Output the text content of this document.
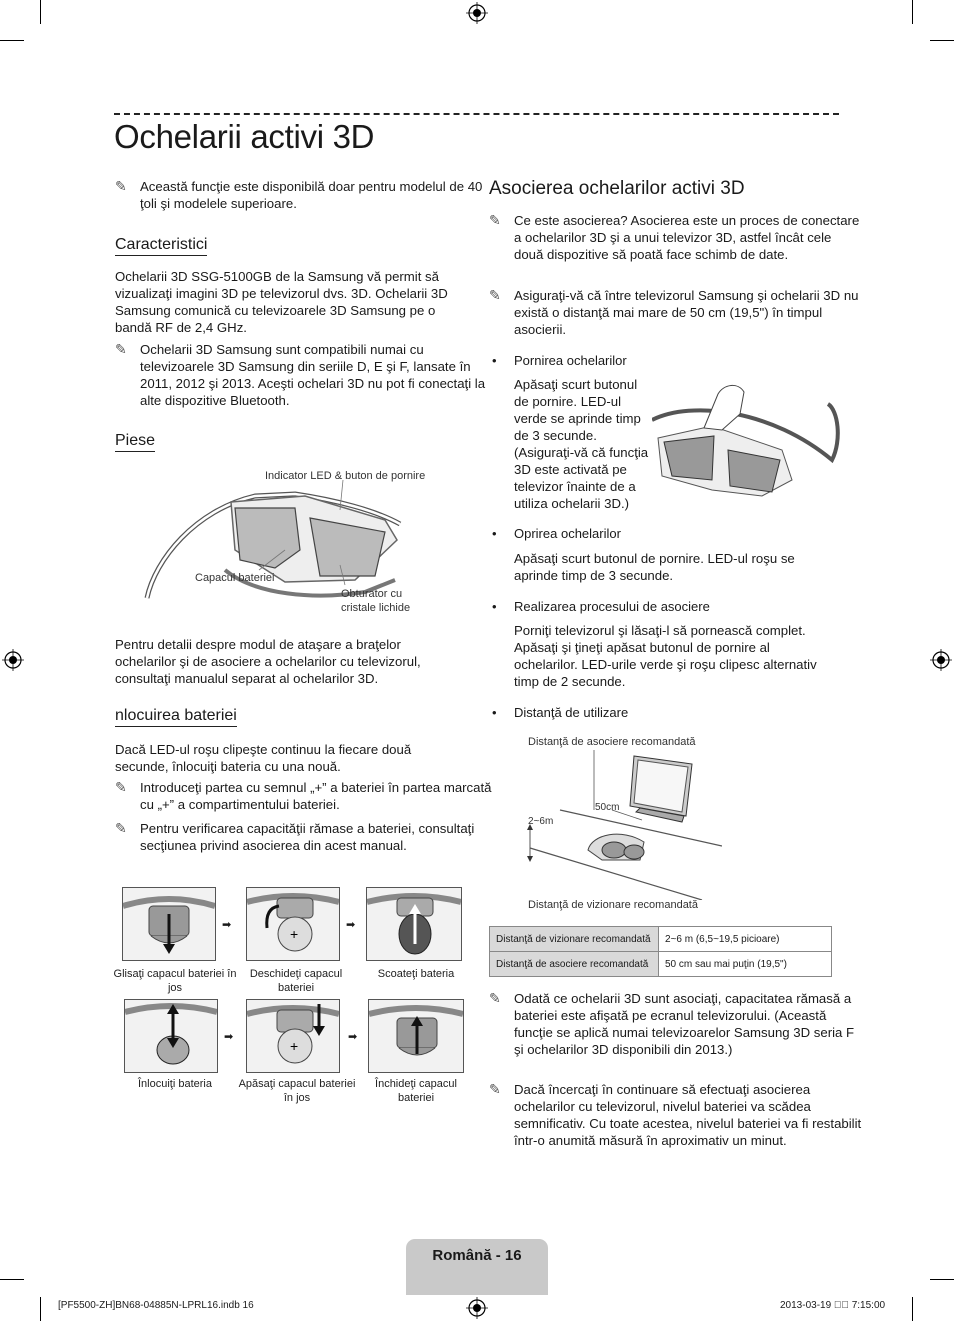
Ochelarii activi 3D
✎ Această funcţie este disponibilă doar pentru modelul de 40 ţoli şi modelele superioare.
Caracteristici
Ochelarii 3D SSG-5100GB de la Samsung vă permit să vizualizaţi imagini 3D pe televizorul dvs. 3D. Ochelarii 3D Samsung comunică cu televizoarele 3D Samsung pe o bandă RF de 2,4 GHz.
✎ Ochelarii 3D Samsung sunt compatibili numai cu televizoarele 3D Samsung din seriile D, E şi F, lansate în 2011, 2012 şi 2013. Aceşti ochelari 3D nu pot fi conectaţi la alte dispozitive Bluetooth.
Piese
Indicator LED & buton de pornire
Capacul bateriei
Obturator cu cristale lichide
Pentru detalii despre modul de ataşare a braţelor ochelarilor şi de asociere a ochelarilor cu televizorul, consultaţi manualul separat al ochelarilor 3D.
nlocuirea bateriei
Dacă LED-ul roşu clipeşte continuu la fiecare două secunde, înlocuiţi bateria cu una nouă.
✎ Introduceţi partea cu semnul „+” a bateriei în partea marcată cu „+” a compartimentului bateriei.
✎ Pentru verificarea capacităţii rămase a bateriei, consultaţi secţiunea privind asocierea din acest manual.
+
➡	➡
Glisaţi capacul bateriei în jos
Deschideţi capacul bateriei
Scoateţi bateria
+
➡	➡
Înlocuiţi bateria	Apăsaţi capacul bateriei în jos
Închideţi capacul bateriei
Asocierea ochelarilor activi 3D
✎ Ce este asocierea? Asocierea este un proces de conectare a ochelarilor 3D şi a unui televizor 3D, astfel încât cele două dispozitive să poată face schimb de date.
✎ Asiguraţi-vă că între televizorul Samsung şi ochelarii 3D nu există o distanţă mai mare de 50 cm (19,5") în timpul asocierii.
• Pornirea ochelarilor
Apăsaţi scurt butonul de pornire. LED-ul verde se aprinde timp de 3 secunde. (Asiguraţi-vă că funcţia 3D este activată pe televizor înainte de a utiliza ochelarii 3D.)
• Oprirea ochelarilor
Apăsaţi scurt butonul de pornire. LED-ul roşu se aprinde timp de 3 secunde.
• Realizarea procesului de asociere
Porniţi televizorul şi lăsaţi-l să pornească complet. Apăsaţi şi ţineţi apăsat butonul de pornire al ochelarilor. LED-urile verde şi roşu clipesc alternativ timp de 2 secunde.
• Distanţă de utilizare
Distanţă de asociere recomandată
50cm
2~6m
Distanţă de vizionare recomandată
Distanţă de vizionare recomandată	2~6 m (6,5~19,5 picioare)
Distanţă de asociere recomandată	50 cm sau mai puţin (19,5")
✎ Odată ce ochelarii 3D sunt asociaţi, capacitatea rămasă a bateriei este afişată pe ecranul televizorului. (Această funcţie se aplică numai televizoarelor Samsung 3D seria F şi ochelarilor 3D disponibili din 2013.)
✎ Dacă încercaţi în continuare să efectuaţi asocierea ochelarilor cu televizorul, nivelul bateriei va scădea semnificativ. Cu toate acestea, nivelul bateriei va fi restabilit într-o anumită măsură în aproximativ un minut.
Română - 16
[PF5500-ZH]BN68-04885N-LPRL16.indb 16	2013-03-19 ￿￿ 7:15:00
